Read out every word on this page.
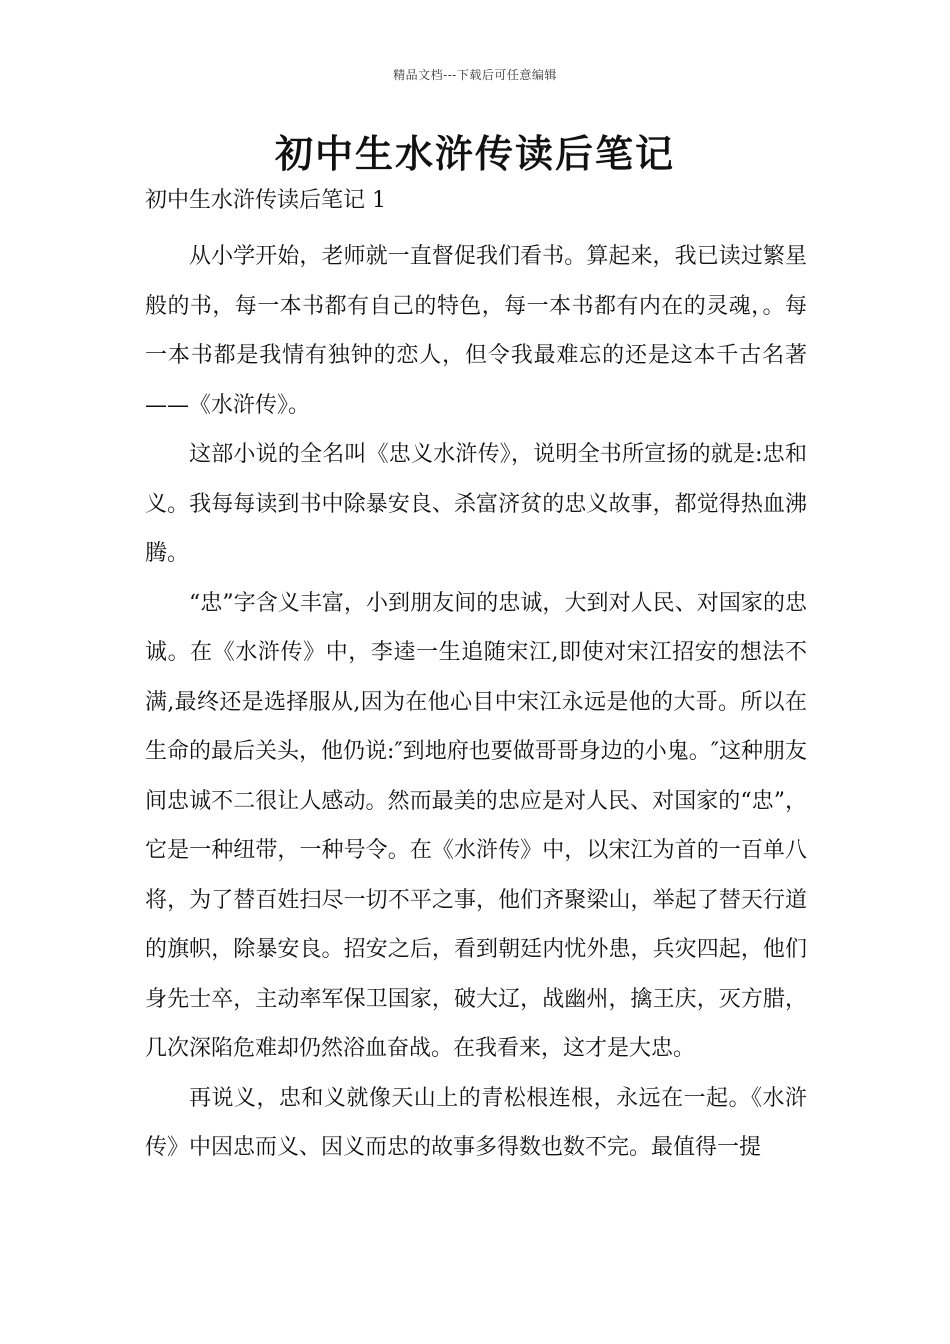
精品文档---下载后可任意编辑
初中生水浒传读后笔记
初中生水浒传读后笔记 1

从小学开始，老师就一直督促我们看书。算起来，我已读过繁星般的书，每一本书都有自己的特色，每一本书都有内在的灵魂，。每一本书都是我情有独钟的恋人，但令我最难忘的还是这本千古名著——《水浒传》。

这部小说的全名叫《忠义水浒传》，说明全书所宣扬的就是:忠和义。我每每读到书中除暴安良、杀富济贫的忠义故事，都觉得热血沸腾。

“忠”字含义丰富，小到朋友间的忠诚，大到对人民、对国家的忠诚。在《水浒传》中，李逵一生追随宋江,即使对宋江招安的想法不满,最终还是选择服从,因为在他心目中宋江永远是他的大哥。所以在生命的最后关头，他仍说:″到地府也要做哥哥身边的小鬼。″这种朋友间忠诚不二很让人感动。然而最美的忠应是对人民、对国家的“忠”，它是一种纽带，一种号令。在《水浒传》中，以宋江为首的一百单八将，为了替百姓扫尽一切不平之事，他们齐聚梁山，举起了替天行道的旗帜，除暴安良。招安之后，看到朝廷内忧外患，兵灾四起，他们身先士卒，主动率军保卫国家，破大辽，战幽州，擒王庆，灭方腊，几次深陷危难却仍然浴血奋战。在我看来，这才是大忠。

再说义，忠和义就像天山上的青松根连根，永远在一起。《水浒传》中因忠而义、因义而忠的故事多得数也数不完。最值得一提
